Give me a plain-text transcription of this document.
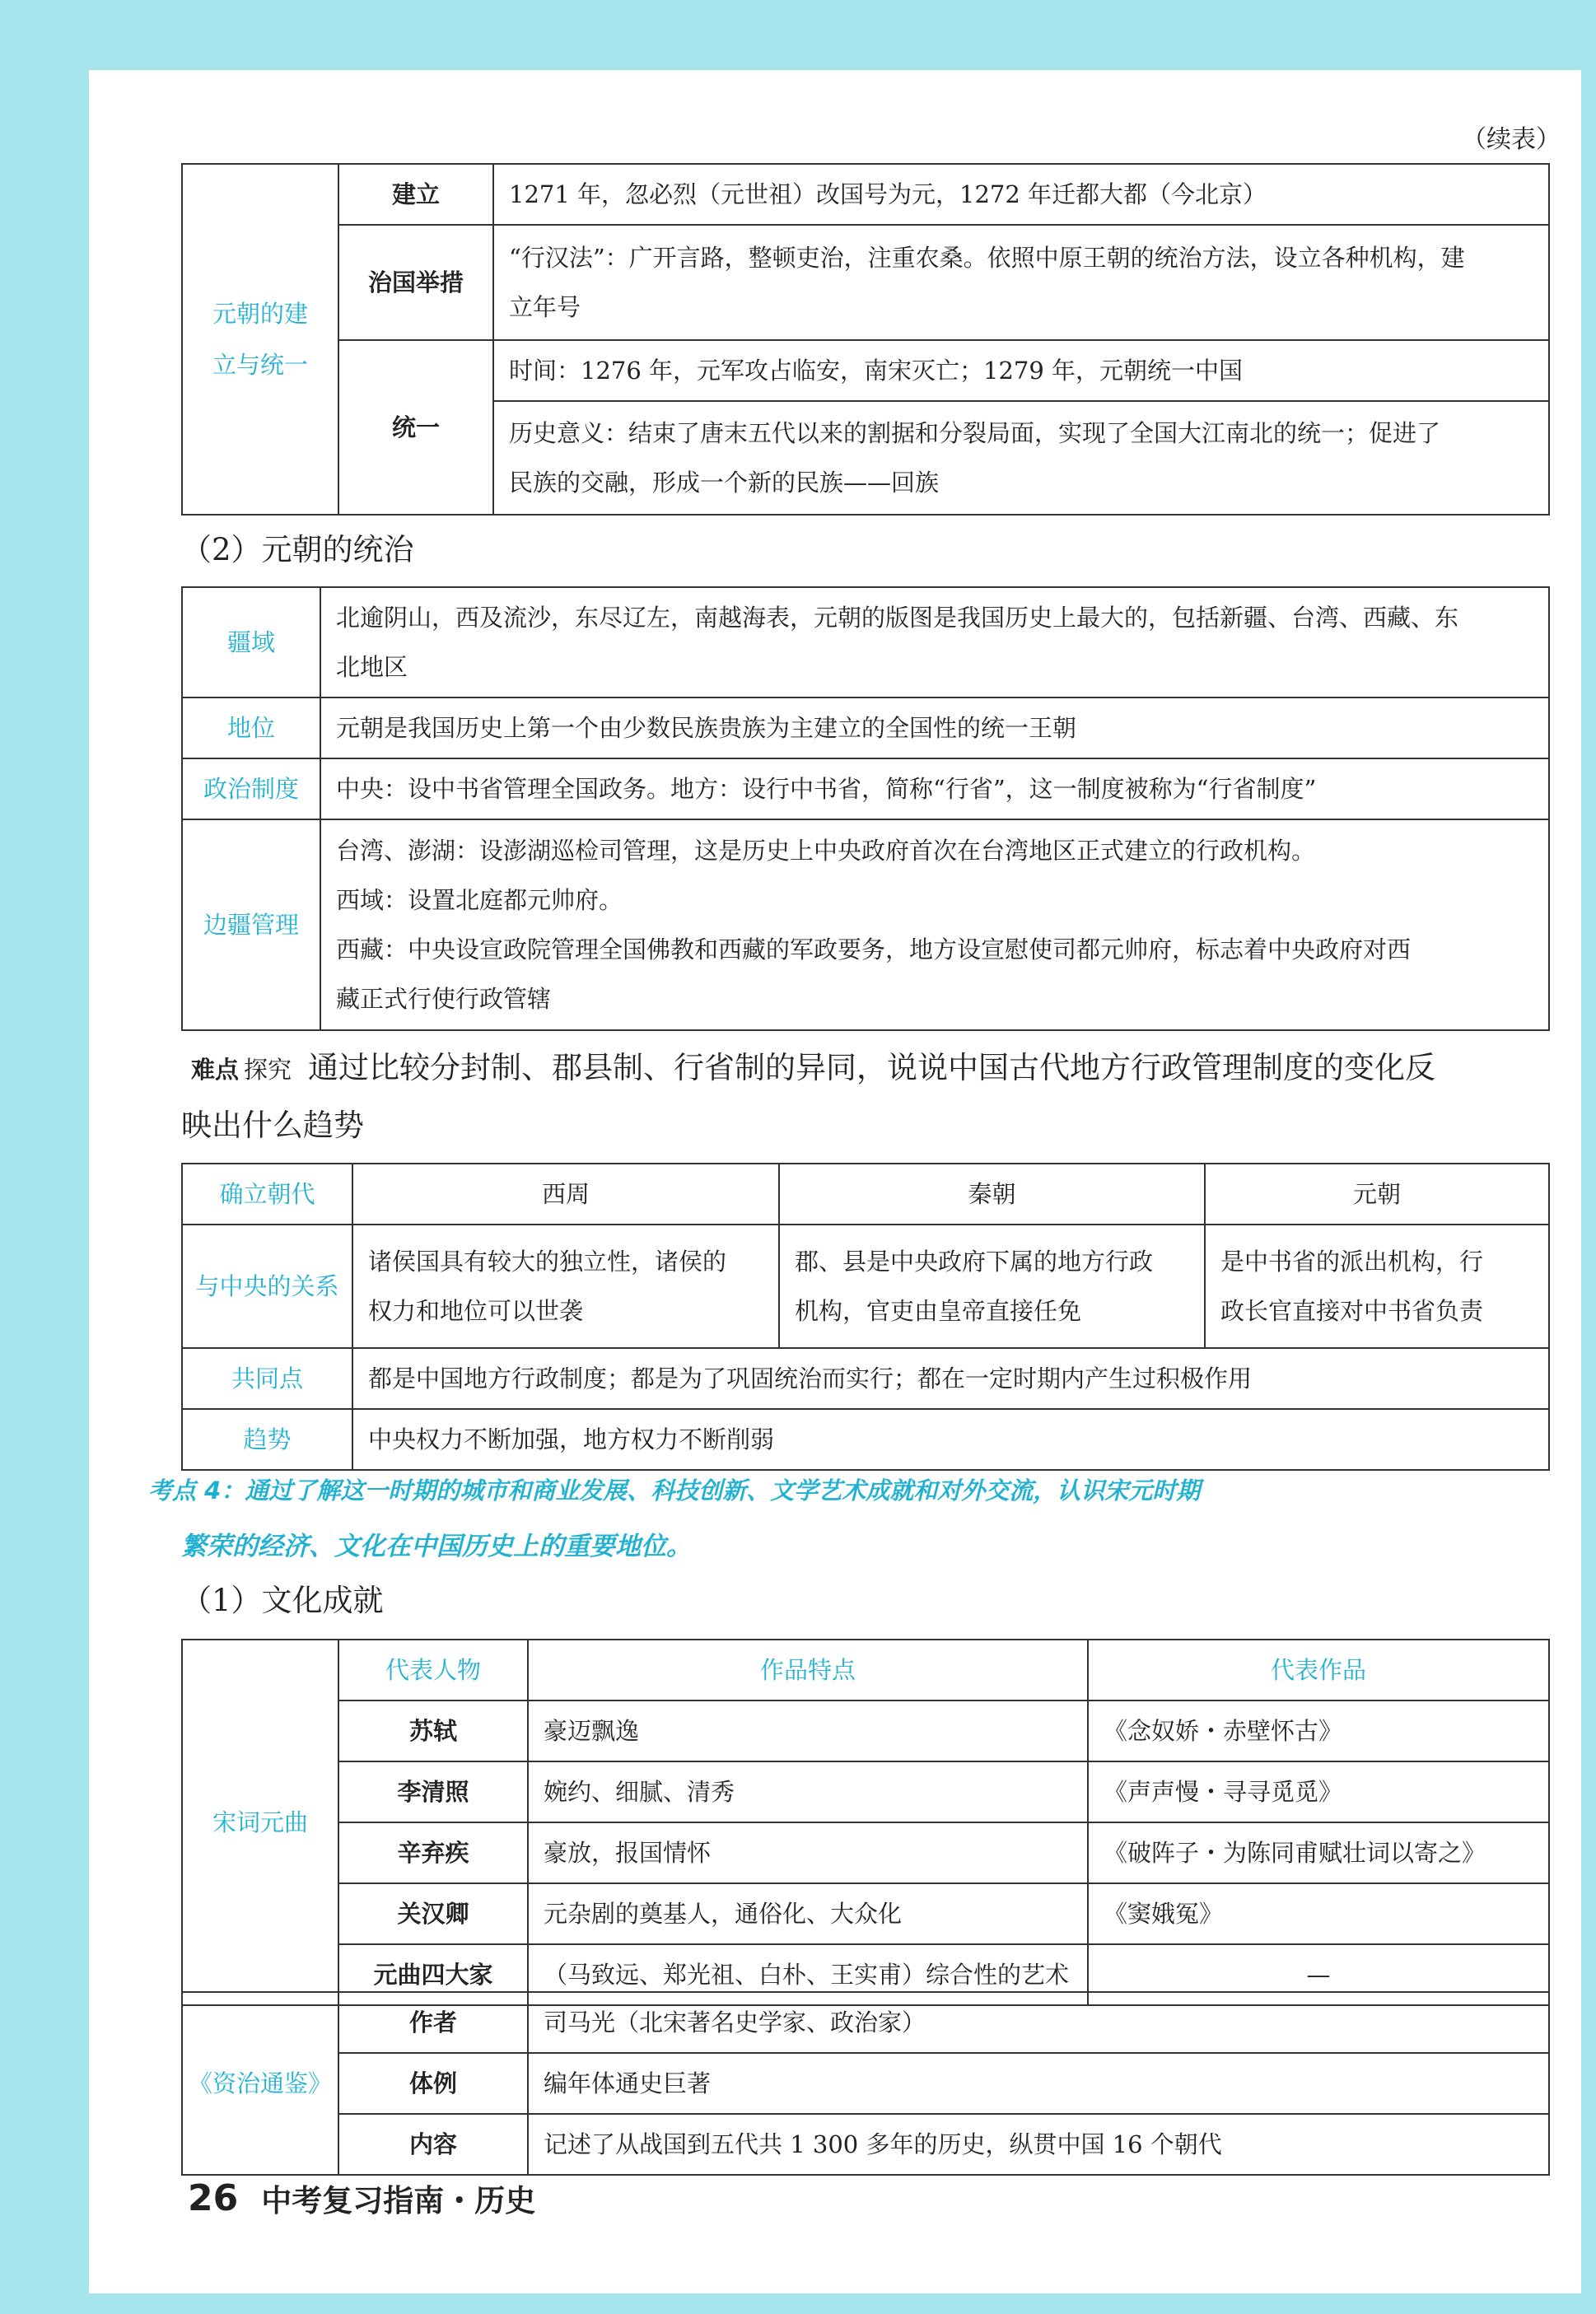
（续表）
元朝的建
立与统一	建立	1271 年，忽必烈（元世祖）改国号为元，1272 年迁都大都（今北京）

	治国举措	“行汉法”：广开言路，整顿吏治，注重农桑。依照中原王朝的统治方法，设立各种机构，建
立年号

	统一	时间：1276 年，元军攻占临安，南宋灭亡；1279 年，元朝统一中国

		历史意义：结束了唐末五代以来的割据和分裂局面，实现了全国大江南北的统一；促进了
民族的交融，形成一个新的民族——回族
（2）元朝的统治
疆域	北逾阴山，西及流沙，东尽辽左，南越海表，元朝的版图是我国历史上最大的，包括新疆、台湾、西藏、东
北地区

地位	元朝是我国历史上第一个由少数民族贵族为主建立的全国性的统一王朝

政治制度	中央：设中书省管理全国政务。地方：设行中书省，简称“行省”，这一制度被称为“行省制度”

边疆管理	台湾、澎湖：设澎湖巡检司管理，这是历史上中央政府首次在台湾地区正式建立的行政机构。
西域：设置北庭都元帅府。
西藏：中央设宣政院管理全国佛教和西藏的军政要务，地方设宣慰使司都元帅府，标志着中央政府对西
藏正式行使行政管辖
难点 探究 通过比较分封制、郡县制、行省制的异同，说说中国古代地方行政管理制度的变化反
映出什么趋势
确立朝代	西周	秦朝	元朝
与中央的关系	诸侯国具有较大的独立性，诸侯的
权力和地位可以世袭	郡、县是中央政府下属的地方行政
机构，官吏由皇帝直接任免	是中书省的派出机构，行
政长官直接对中书省负责

共同点	都是中国地方行政制度；都是为了巩固统治而实行；都在一定时期内产生过积极作用		
趋势	中央权力不断加强，地方权力不断削弱		
考点 4：通过了解这一时期的城市和商业发展、科技创新、文学艺术成就和对外交流，认识宋元时期
繁荣的经济、文化在中国历史上的重要地位。
（1）文化成就
宋词元曲	代表人物	作品特点	代表作品
	苏轼	豪迈飘逸	《念奴娇・赤壁怀古》
	李清照	婉约、细腻、清秀	《声声慢・寻寻觅觅》
	辛弃疾	豪放，报国情怀	《破阵子・为陈同甫赋壮词以寄之》
	关汉卿	元杂剧的奠基人，通俗化、大众化	《窦娥冤》
	元曲四大家	（马致远、郑光祖、白朴、王实甫）综合性的艺术	—
《资治通鉴》	作者	司马光（北宋著名史学家、政治家）
	体例	编年体通史巨著
	内容	记述了从战国到五代共 1 300 多年的历史，纵贯中国 16 个朝代
26 中考复习指南・历史
